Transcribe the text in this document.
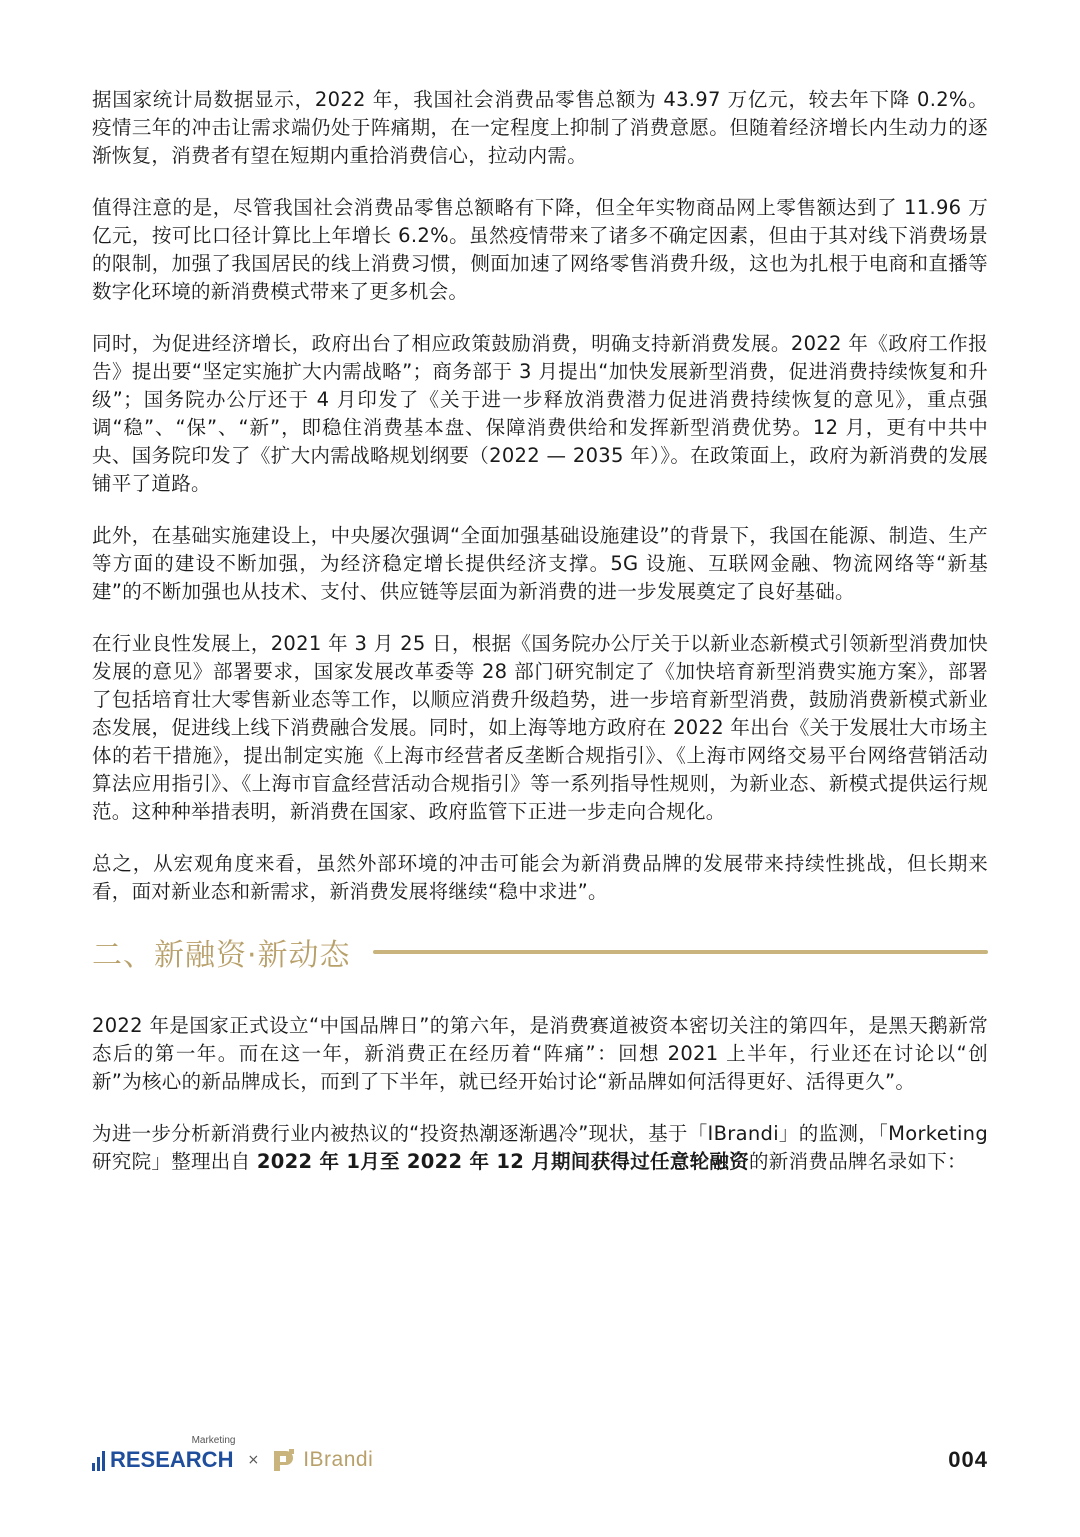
据国家统计局数据显示，2022 年，我国社会消费品零售总额为 43.97 万亿元，较去年下降 0.2%。疫情三年的冲击让需求端仍处于阵痛期，在一定程度上抑制了消费意愿。但随着经济增长内生动力的逐渐恢复，消费者有望在短期内重拾消费信心，拉动内需。

值得注意的是，尽管我国社会消费品零售总额略有下降，但全年实物商品网上零售额达到了 11.96 万亿元，按可比口径计算比上年增长 6.2%。虽然疫情带来了诸多不确定因素，但由于其对线下消费场景的限制，加强了我国居民的线上消费习惯，侧面加速了网络零售消费升级，这也为扎根于电商和直播等数字化环境的新消费模式带来了更多机会。

同时，为促进经济增长，政府出台了相应政策鼓励消费，明确支持新消费发展。2022 年《政府工作报告》提出要“坚定实施扩大内需战略”；商务部于 3 月提出“加快发展新型消费，促进消费持续恢复和升级”；国务院办公厅还于 4 月印发了《关于进一步释放消费潜力促进消费持续恢复的意见》，重点强调“稳”、“保”、“新”，即稳住消费基本盘、保障消费供给和发挥新型消费优势。12 月，更有中共中央、国务院印发了《扩大内需战略规划纲要（2022 — 2035 年）》。在政策面上，政府为新消费的发展铺平了道路。

此外，在基础实施建设上，中央屡次强调“全面加强基础设施建设”的背景下，我国在能源、制造、生产等方面的建设不断加强，为经济稳定增长提供经济支撑。5G 设施、互联网金融、物流网络等“新基建”的不断加强也从技术、支付、供应链等层面为新消费的进一步发展奠定了良好基础。

在行业良性发展上，2021 年 3 月 25 日，根据《国务院办公厅关于以新业态新模式引领新型消费加快发展的意见》部署要求，国家发展改革委等 28 部门研究制定了《加快培育新型消费实施方案》，部署了包括培育壮大零售新业态等工作，以顺应消费升级趋势，进一步培育新型消费，鼓励消费新模式新业态发展，促进线上线下消费融合发展。同时，如上海等地方政府在 2022 年出台《关于发展壮大市场主体的若干措施》，提出制定实施《上海市经营者反垄断合规指引》、《上海市网络交易平台网络营销活动算法应用指引》、《上海市盲盒经营活动合规指引》等一系列指导性规则，为新业态、新模式提供运行规范。这种种举措表明，新消费在国家、政府监管下正进一步走向合规化。

总之，从宏观角度来看，虽然外部环境的冲击可能会为新消费品牌的发展带来持续性挑战，但长期来看，面对新业态和新需求，新消费发展将继续“稳中求进”。

二、新融资·新动态

2022 年是国家正式设立“中国品牌日”的第六年，是消费赛道被资本密切关注的第四年，是黑天鹅新常态后的第一年。而在这一年，新消费正在经历着“阵痛”：回想 2021 上半年，行业还在讨论以“创新”为核心的新品牌成长，而到了下半年，就已经开始讨论“新品牌如何活得更好、活得更久”。

为进一步分析新消费行业内被热议的“投资热潮逐渐遇冷”现状，基于「IBrandi」的监测，「Morketing 研究院」整理出自 2022 年 1月至 2022 年 12 月期间获得过任意轮融资的新消费品牌名录如下：

RESEARCH
Marketing
× IBrandi	004
